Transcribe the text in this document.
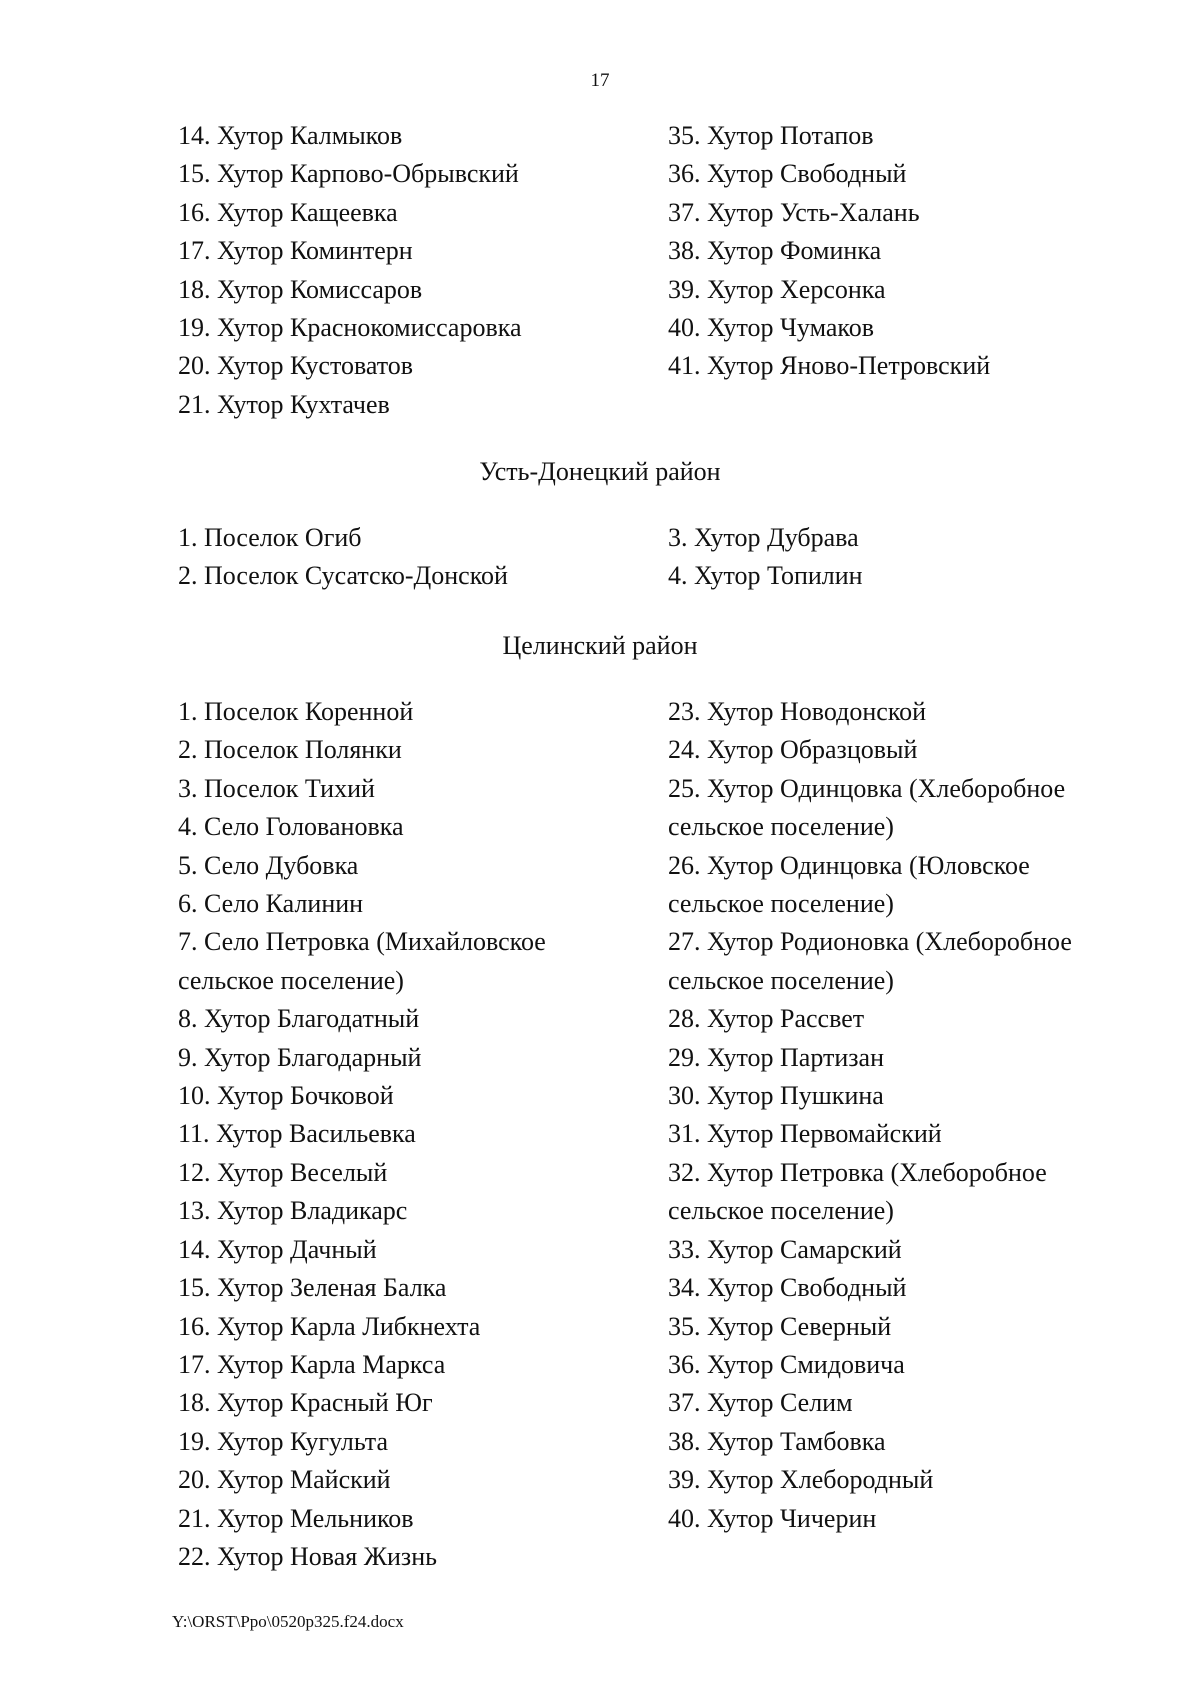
17
14. Хутор Калмыков
15. Хутор Карпово-Обрывский
16. Хутор Кащеевка
17. Хутор Коминтерн
18. Хутор Комиссаров
19. Хутор Краснокомиссаровка
20. Хутор Кустоватов
21. Хутор Кухтачев
35. Хутор Потапов
36. Хутор Свободный
37. Хутор Усть-Халань
38. Хутор Фоминка
39. Хутор Херсонка
40. Хутор Чумаков
41. Хутор Яново-Петровский
Усть-Донецкий район
1. Поселок Огиб
2. Поселок Сусатско-Донской
3. Хутор Дубрава
4. Хутор Топилин
Целинский район
1. Поселок Коренной
2. Поселок Полянки
3. Поселок Тихий
4. Село Голованoвка
5. Село Дубовка
6. Село Калинин
7. Село Петровка (Михайловское
сельское поселение)
8. Хутор Благодатный
9. Хутор Благодарный
10. Хутор Бочковой
11. Хутор Васильевка
12. Хутор Веселый
13. Хутор Владикарс
14. Хутор Дачный
15. Хутор Зеленая Балка
16. Хутор Карла Либкнехта
17. Хутор Карла Маркса
18. Хутор Красный Юг
19. Хутор Кугульта
20. Хутор Майский
21. Хутор Мельников
22. Хутор Новая Жизнь
23. Хутор Новодонской
24. Хутор Образцовый
25. Хутор Одинцовка (Хлеборобное
сельское поселение)
26. Хутор Одинцовка (Юловское
сельское поселение)
27. Хутор Родионовка (Хлеборобное
сельское поселение)
28. Хутор Рассвет
29. Хутор Партизан
30. Хутор Пушкина
31. Хутор Первомайский
32. Хутор Петровка (Хлеборобное
сельское поселение)
33. Хутор Самарский
34. Хутор Свободный
35. Хутор Северный
36. Хутор Смидовича
37. Хутор Селим
38. Хутор Тамбовка
39. Хутор Хлебородный
40. Хутор Чичерин
Y:\ORST\Ppo\0520p325.f24.docx
